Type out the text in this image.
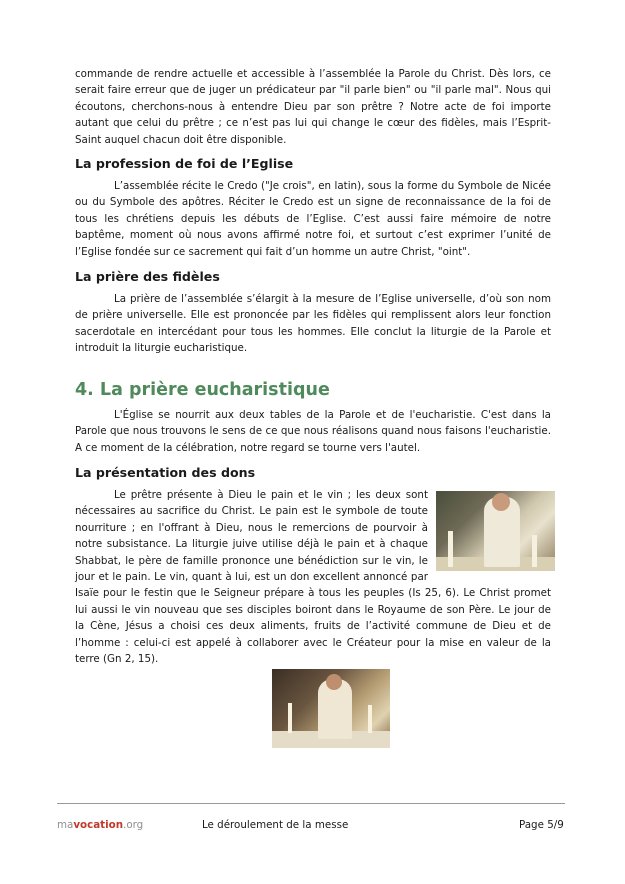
commande de rendre actuelle et accessible à l’assemblée la Parole du Christ. Dès lors, ce serait faire erreur que de juger un prédicateur par "il parle bien" ou "il parle mal". Nous qui écoutons, cherchons-nous à entendre Dieu par son prêtre ? Notre acte de foi importe autant que celui du prêtre ; ce n’est pas lui qui change le cœur des fidèles, mais l’Esprit-Saint auquel chacun doit être disponible.

La profession de foi de l’Eglise

L’assemblée récite le Credo ("Je crois", en latin), sous la forme du Symbole de Nicée ou du Symbole des apôtres. Réciter le Credo est un signe de reconnaissance de la foi de tous les chrétiens depuis les débuts de l’Eglise. C’est aussi faire mémoire de notre baptême, moment où nous avons affirmé notre foi, et surtout c’est exprimer l’unité de l’Eglise fondée sur ce sacrement qui fait d’un homme un autre Christ, "oint".

La prière des fidèles

La prière de l’assemblée s’élargit à la mesure de l’Eglise universelle, d’où son nom de prière universelle. Elle est prononcée par les fidèles qui remplissent alors leur fonction sacerdotale en intercédant pour tous les hommes. Elle conclut la liturgie de la Parole et introduit la liturgie eucharistique.

4. La prière eucharistique

L'Église se nourrit aux deux tables de la Parole et de l'eucharistie. C'est dans la Parole que nous trouvons le sens de ce que nous réalisons quand nous faisons l'eucharistie. A ce moment de la célébration, notre regard se tourne vers l'autel.

La présentation des dons

Le prêtre présente à Dieu le pain et le vin ; les deux sont nécessaires au sacrifice du Christ. Le pain est le symbole de toute nourriture ; en l'offrant à Dieu, nous le remercions de pourvoir à notre subsistance. La liturgie juive utilise déjà le pain et à chaque Shabbat, le père de famille prononce une bénédiction sur le vin, le jour et le pain. Le vin, quant à lui, est un don excellent annoncé par Isaïe pour le festin que le Seigneur prépare à tous les peuples (Is 25, 6). Le Christ promet lui aussi le vin nouveau que ses disciples boiront dans le Royaume de son Père. Le jour de la Cène, Jésus a choisi ces deux aliments, fruits de l’activité commune de Dieu et de l’homme : celui-ci est appelé à collaborer avec le Créateur pour la mise en valeur de la terre (Gn 2, 15).

mavocation.org	Le déroulement de la messe	Page 5/9
